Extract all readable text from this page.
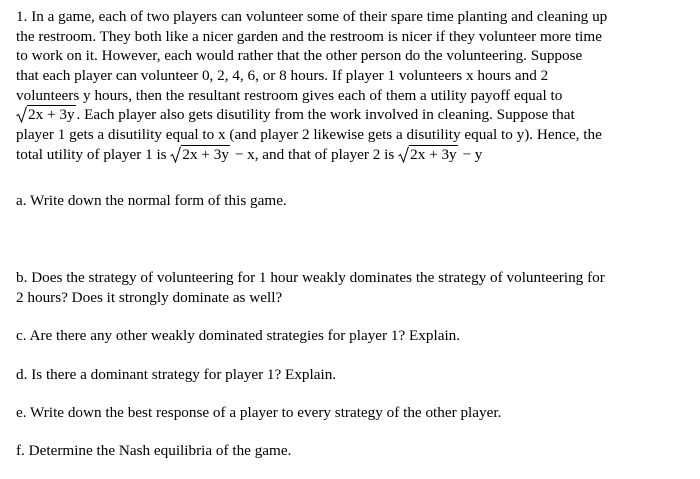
1. In a game, each of two players can volunteer some of their spare time planting and cleaning up
the restroom. They both like a nicer garden and the restroom is nicer if they volunteer more time
to work on it. However, each would rather that the other person do the volunteering. Suppose
that each player can volunteer 0, 2, 4, 6, or 8 hours. If player 1 volunteers x hours and 2
volunteers y hours, then the resultant restroom gives each of them a utility payoff equal to
2x + 3y . Each player also gets disutility from the work involved in cleaning. Suppose that
player 1 gets a disutility equal to x (and player 2 likewise gets a disutility equal to y). Hence, the
total utility of player 1 is
2x + 3y − x, and that of player 2 is
2x + 3y − y
a. Write down the normal form of this game.
b. Does the strategy of volunteering for 1 hour weakly dominates the strategy of volunteering for
2 hours? Does it strongly dominate as well?
c. Are there any other weakly dominated strategies for player 1? Explain.
d. Is there a dominant strategy for player 1? Explain.
e. Write down the best response of a player to every strategy of the other player.
f. Determine the Nash equilibria of the game.
